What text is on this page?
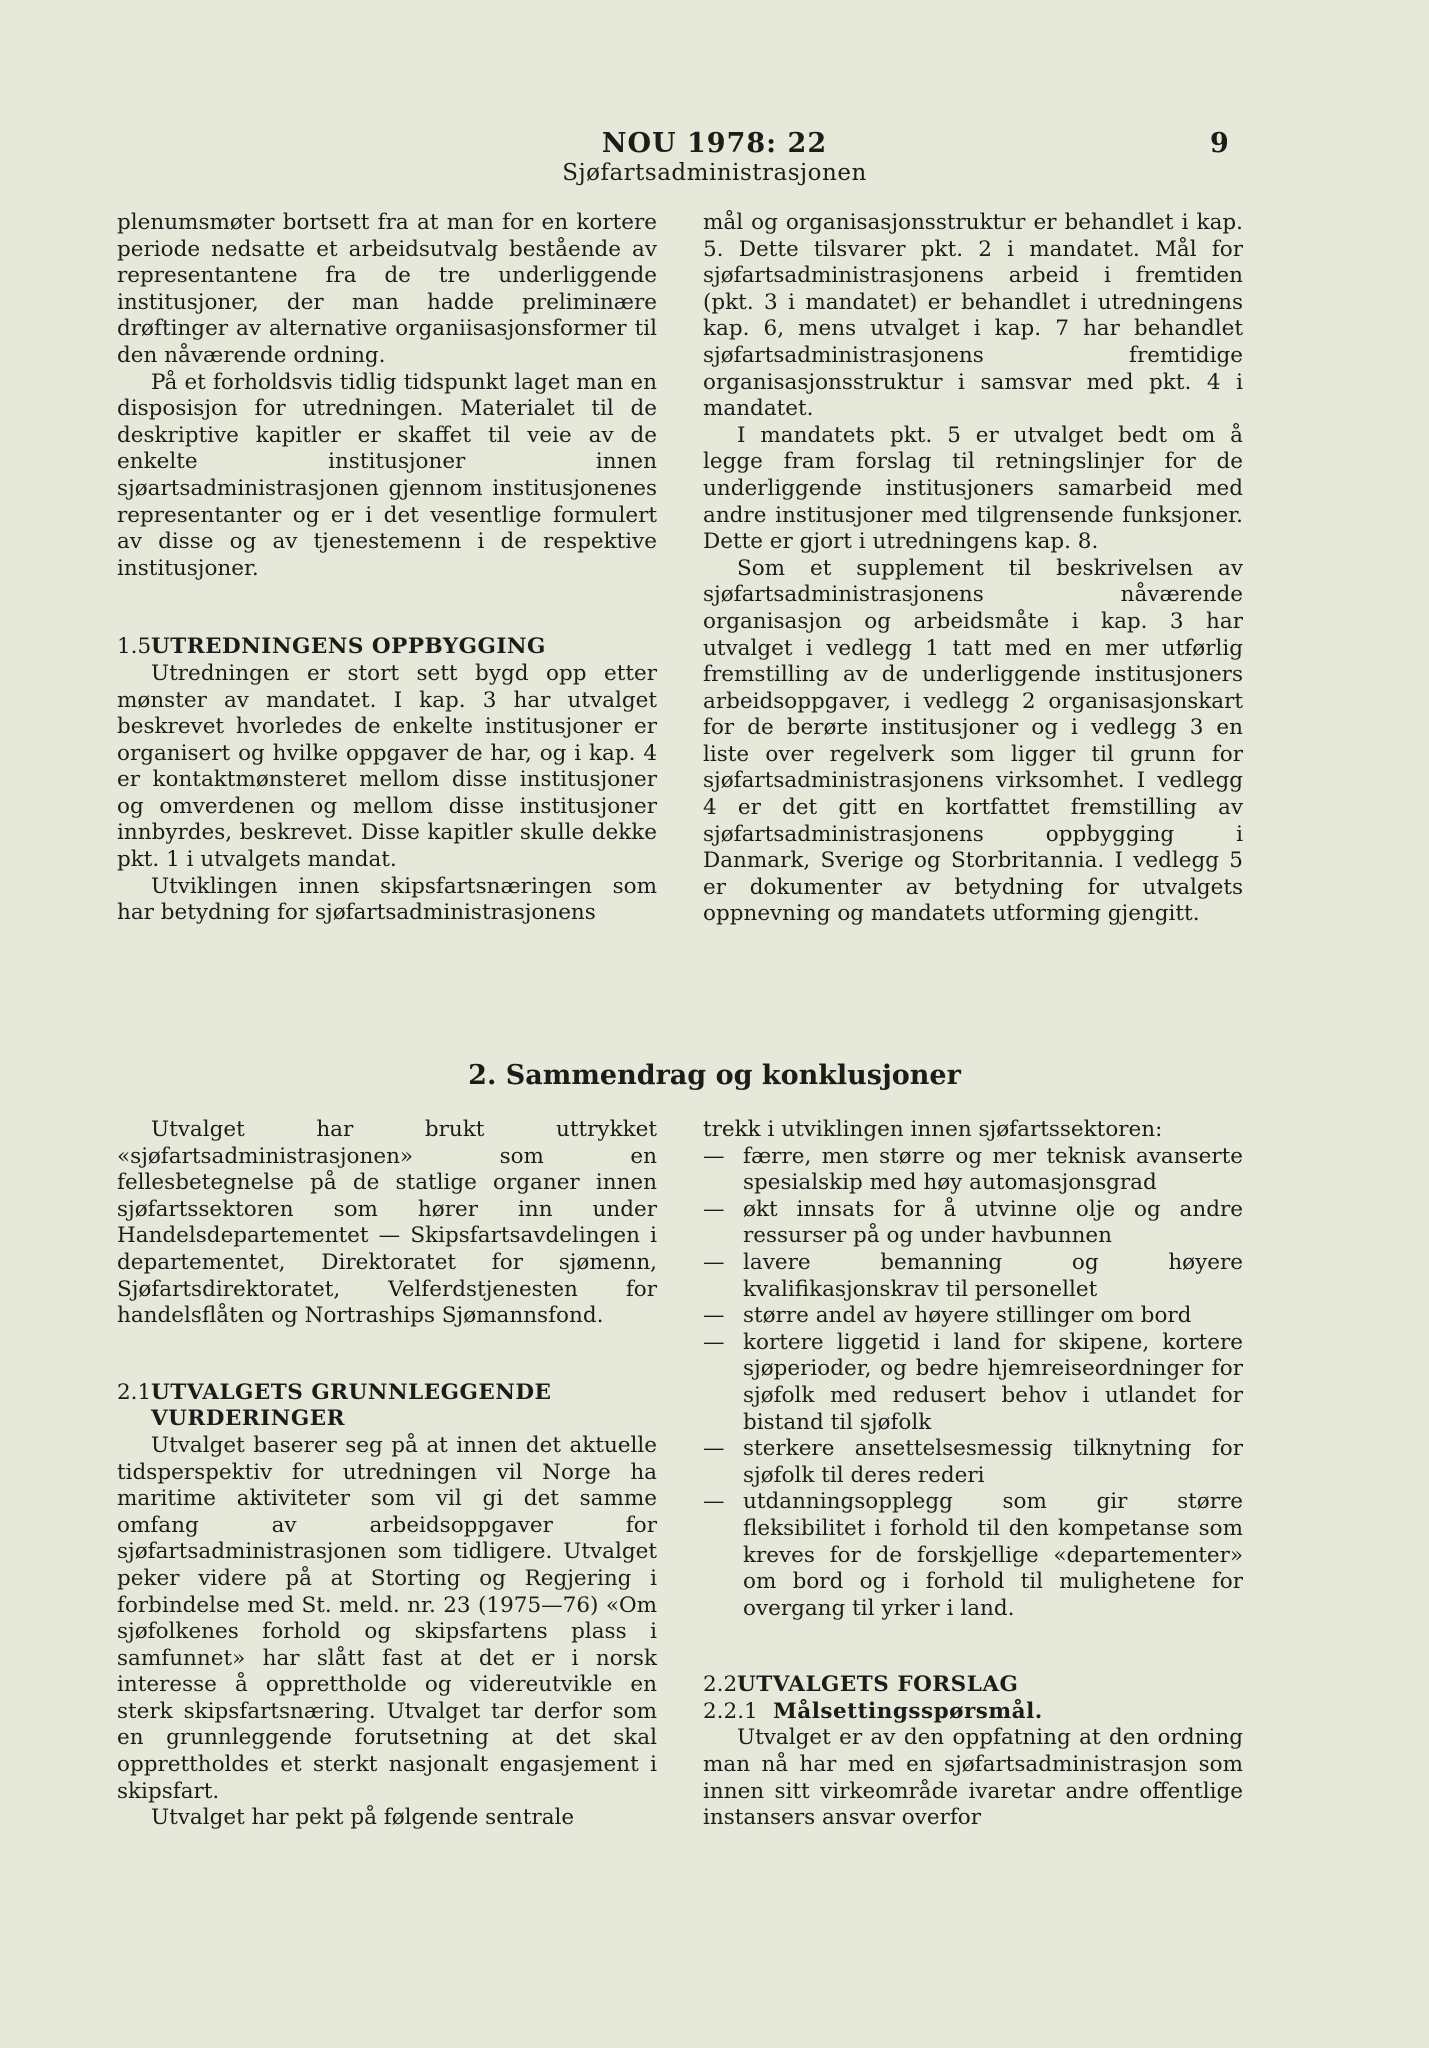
NOU 1978: 22
Sjøfartsadministrasjonen
9

plenumsmøter bortsett fra at man for en kortere periode nedsatte et arbeidsutvalg bestående av representantene fra de tre underliggende institusjoner, der man hadde preliminære drøftinger av alternative organiisasjonsformer til den nåværende ordning.

På et forholdsvis tidlig tidspunkt laget man en disposisjon for utredningen. Materialet til de deskriptive kapitler er skaffet til veie av de enkelte institusjoner innen sjøartsadministrasjonen gjennom institusjonenes representanter og er i det vesentlige formulert av disse og av tjenestemenn i de respektive institusjoner.

1.5UTREDNINGENS OPPBYGGING

Utredningen er stort sett bygd opp etter mønster av mandatet. I kap. 3 har utvalget beskrevet hvorledes de enkelte institusjoner er organisert og hvilke oppgaver de har, og i kap. 4 er kontaktmønsteret mellom disse institusjoner og omverdenen og mellom disse institusjoner innbyrdes, beskrevet. Disse kapitler skulle dekke pkt. 1 i utvalgets mandat.

Utviklingen innen skipsfartsnæringen som har betydning for sjøfartsadministrasjonens

mål og organisasjonsstruktur er behandlet i kap. 5. Dette tilsvarer pkt. 2 i mandatet. Mål for sjøfartsadministrasjonens arbeid i fremtiden (pkt. 3 i mandatet) er behandlet i utredningens kap. 6, mens utvalget i kap. 7 har behandlet sjøfartsadministrasjonens fremtidige organisasjonsstruktur i samsvar med pkt. 4 i mandatet.

I mandatets pkt. 5 er utvalget bedt om å legge fram forslag til retningslinjer for de underliggende institusjoners samarbeid med andre institusjoner med tilgrensende funksjoner. Dette er gjort i utredningens kap. 8.

Som et supplement til beskrivelsen av sjøfartsadministrasjonens nåværende organisasjon og arbeidsmåte i kap. 3 har utvalget i vedlegg 1 tatt med en mer utførlig fremstilling av de underliggende institusjoners arbeidsoppgaver, i vedlegg 2 organisasjonskart for de berørte institusjoner og i vedlegg 3 en liste over regelverk som ligger til grunn for sjøfartsadministrasjonens virksomhet. I vedlegg 4 er det gitt en kortfattet fremstilling av sjøfartsadministrasjonens oppbygging i Danmark, Sverige og Storbritannia. I vedlegg 5 er dokumenter av betydning for utvalgets oppnevning og mandatets utforming gjengitt.

2. Sammendrag og konklusjoner

Utvalget har brukt uttrykket «sjøfartsadministrasjonen» som en fellesbetegnelse på de statlige organer innen sjøfartssektoren som hører inn under Handelsdepartementet — Skipsfartsavdelingen i departementet, Direktoratet for sjømenn, Sjøfartsdirektoratet, Velferdstjenesten for handelsflåten og Nortraships Sjømannsfond.

2.1UTVALGETS GRUNNLEGGENDE
VURDERINGER

Utvalget baserer seg på at innen det aktuelle tidsperspektiv for utredningen vil Norge ha maritime aktiviteter som vil gi det samme omfang av arbeidsoppgaver for sjøfartsadministrasjonen som tidligere. Utvalget peker videre på at Storting og Regjering i forbindelse med St. meld. nr. 23 (1975—76) «Om sjøfolkenes forhold og skipsfartens plass i samfunnet» har slått fast at det er i norsk interesse å opprettholde og videreutvikle en sterk skipsfartsnæring. Utvalget tar derfor som en grunnleggende forutsetning at det skal opprettholdes et sterkt nasjonalt engasjement i skipsfart.

Utvalget har pekt på følgende sentrale

trekk i utviklingen innen sjøfartssektoren:

— færre, men større og mer teknisk avanserte spesialskip med høy automasjonsgrad
— økt innsats for å utvinne olje og andre ressurser på og under havbunnen
— lavere bemanning og høyere kvalifikasjonskrav til personellet
— større andel av høyere stillinger om bord
— kortere liggetid i land for skipene, kortere sjøperioder, og bedre hjemreiseordninger for sjøfolk med redusert behov i utlandet for bistand til sjøfolk
— sterkere ansettelsesmessig tilknytning for sjøfolk til deres rederi
— utdanningsopplegg som gir større fleksibilitet i forhold til den kompetanse som kreves for de forskjellige «departementer» om bord og i forhold til mulighetene for overgang til yrker i land.
2.2UTVALGETS FORSLAG
2.2.1 Målsettingsspørsmål.

Utvalget er av den oppfatning at den ordning man nå har med en sjøfartsadministrasjon som innen sitt virkeområde ivaretar andre offentlige instansers ansvar overfor
